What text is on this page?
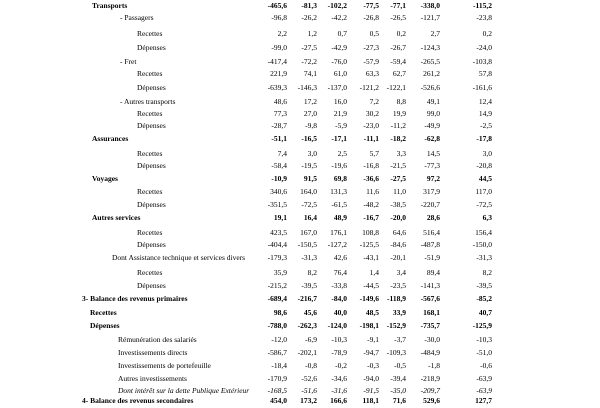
Transports	-465,6	-81,3	-102,2	-77,5	-77,1	-338,0	-115,2
- Passagers	-96,8	-26,2	-42,2	-26,8	-26,5	-121,7	-23,8
Recettes	2,2	1,2	0,7	0,5	0,2	2,7	0,2
Dépenses	-99,0	-27,5	-42,9	-27,3	-26,7	-124,3	-24,0
- Fret	-417,4	-72,2	-76,0	-57,9	-59,4	-265,5	-103,8
Recettes	221,9	74,1	61,0	63,3	62,7	261,2	57,8
Dépenses	-639,3	-146,3	-137,0	-121,2	-122,1	-526,6	-161,6
- Autres transports	48,6	17,2	16,0	7,2	8,8	49,1	12,4
Recettes	77,3	27,0	21,9	30,2	19,9	99,0	14,9
Dépenses	-28,7	-9,8	-5,9	-23,0	-11,2	-49,9	-2,5
Assurances	-51,1	-16,5	-17,1	-11,1	-18,2	-62,8	-17,8
Recettes	7,4	3,0	2,5	5,7	3,3	14,5	3,0
Dépenses	-58,4	-19,5	-19,6	-16,8	-21,5	-77,3	-20,8
Voyages	-10,9	91,5	69,8	-36,6	-27,5	97,2	44,5
Recettes	340,6	164,0	131,3	11,6	11,0	317,9	117,0
Dépenses	-351,5	-72,5	-61,5	-48,2	-38,5	-220,7	-72,5
Autres services	19,1	16,4	48,9	-16,7	-20,0	28,6	6,3
Recettes	423,5	167,0	176,1	108,8	64,6	516,4	156,4
Dépenses	-404,4	-150,5	-127,2	-125,5	-84,6	-487,8	-150,0
Dont Assistance technique et services divers	-179,3	-31,3	42,6	-43,1	-20,1	-51,9	-31,3
Recettes	35,9	8,2	76,4	1,4	3,4	89,4	8,2
Dépenses	-215,2	-39,5	-33,8	-44,5	-23,5	-141,3	-39,5
3- Balance des revenus primaires	-689,4	-216,7	-84,0	-149,6	-118,9	-567,6	-85,2
Recettes	98,6	45,6	40,0	48,5	33,9	168,1	40,7
Dépenses	-788,0	-262,3	-124,0	-198,1	-152,9	-735,7	-125,9
Rémunération des salariés	-12,0	-6,9	-10,3	-9,1	-3,7	-30,0	-10,3
Investissements directs	-586,7	-202,1	-78,9	-94,7	-109,3	-484,9	-51,0
Investissements de portefeuille	-18,4	-0,8	-0,2	-0,3	-0,5	-1,8	-0,6
Autres investissements	-170,9	-52,6	-34,6	-94,0	-39,4	-218,9	-63,9
Dont intérêt sur la dette Publique Extérieur	-168,5	-51,6	-31,6	-91,5	-35,0	-209,7	-63,9
4- Balance des revenus secondaires	454,0	173,2	166,6	118,1	71,6	529,6	127,7
